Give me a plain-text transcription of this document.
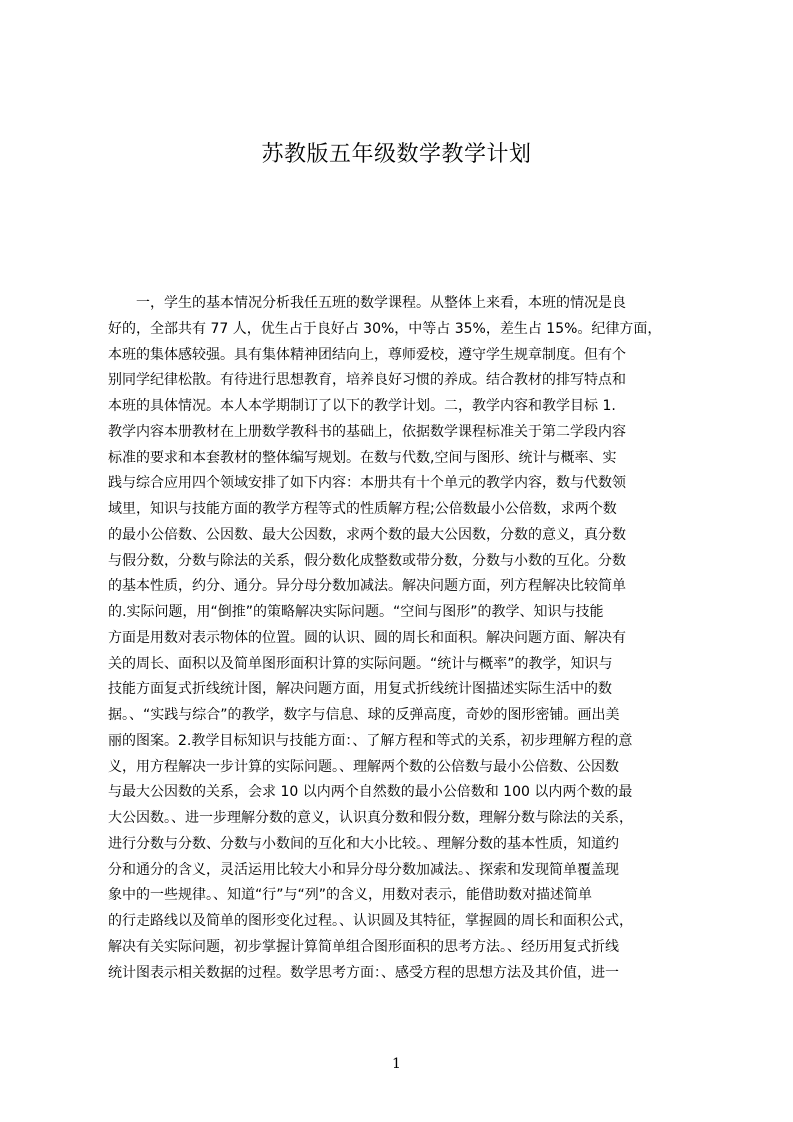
苏教版五年级数学教学计划
一，学生的基本情况分析我任五班的数学课程。从整体上来看，本班的情况是良
好的，全部共有 77 人，优生占于良好占 30%，中等占 35%，差生占 15%。纪律方面，
本班的集体感较强。具有集体精神团结向上，尊师爱校，遵守学生规章制度。但有个
别同学纪律松散。有待进行思想教育，培养良好习惯的养成。结合教材的排写特点和
本班的具体情况。本人本学期制订了以下的教学计划。二，教学内容和教学目标 1.
教学内容本册教材在上册数学教科书的基础上，依据数学课程标准关于第二学段内容
标准的要求和本套教材的整体编写规划。在数与代数,空间与图形、统计与概率、实
践与综合应用四个领域安排了如下内容：本册共有十个单元的教学内容，数与代数领
域里，知识与技能方面的教学方程等式的性质解方程;公倍数最小公倍数，求两个数
的最小公倍数、公因数、最大公因数，求两个数的最大公因数，分数的意义，真分数
与假分数，分数与除法的关系，假分数化成整数或带分数，分数与小数的互化。分数
的基本性质，约分、通分。异分母分数加减法。解决问题方面，列方程解决比较简单
的.实际问题，用“倒推”的策略解决实际问题。“空间与图形”的教学、知识与技能
方面是用数对表示物体的位置。圆的认识、圆的周长和面积。解决问题方面、解决有
关的周长、面积以及简单图形面积计算的实际问题。“统计与概率”的教学，知识与
技能方面复式折线统计图，解决问题方面，用复式折线统计图描述实际生活中的数
据。、“实践与综合”的教学，数字与信息、球的反弹高度，奇妙的图形密铺。画出美
丽的图案。2.教学目标知识与技能方面：、了解方程和等式的关系，初步理解方程的意
义，用方程解决一步计算的实际问题。、理解两个数的公倍数与最小公倍数、公因数
与最大公因数的关系，会求 10 以内两个自然数的最小公倍数和 100 以内两个数的最
大公因数。、进一步理解分数的意义，认识真分数和假分数，理解分数与除法的关系，
进行分数与分数、分数与小数间的互化和大小比较。、理解分数的基本性质，知道约
分和通分的含义，灵活运用比较大小和异分母分数加减法。、探索和发现简单覆盖现
象中的一些规律。、知道“行”与“列”的含义，用数对表示，能借助数对描述简单
的行走路线以及简单的图形变化过程。、认识圆及其特征，掌握圆的周长和面积公式，
解决有关实际问题，初步掌握计算简单组合图形面积的思考方法。、经历用复式折线
统计图表示相关数据的过程。数学思考方面：、感受方程的思想方法及其价值，进一
1
